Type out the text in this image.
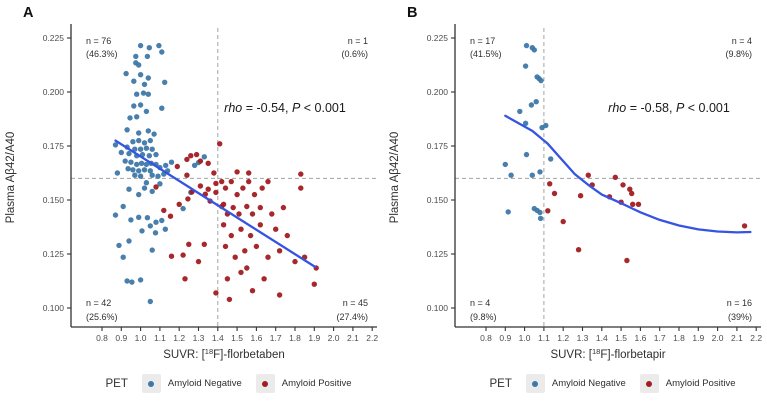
A
0.8 0.9 1.0 1.1 1.2 1.3 1.4 1.5 1.6 1.7 1.8 1.9 2.0 2.1 2.2
0.100
0.125
0.150
0.175
0.200
0.225
SUVR: [$^{18}$F]-florbetaben
Plasma Aβ42/A40
n = 76
(46.3%)
n = 1
(0.6%)
n = 42
(25.6%)
n = 45
(27.4%)
rho = -0.54, P < 0.001
PET	Amyloid Negative	Amyloid Positive
B
0.8 0.9 1.0 1.1 1.2 1.3 1.4 1.5 1.6 1.7 1.8 1.9 2.0 2.1 2.2
0.100
0.125
0.150
0.175
0.200
0.225
SUVR: [$^{18}$F]-florbetapir
Plasma Aβ42/A40
n = 17
(41.5%)
n = 4
(9.8%)
n = 4
(9.8%)
n = 16
(39%)
rho = -0.58, P < 0.001
PET	Amyloid Negative	Amyloid Positive
